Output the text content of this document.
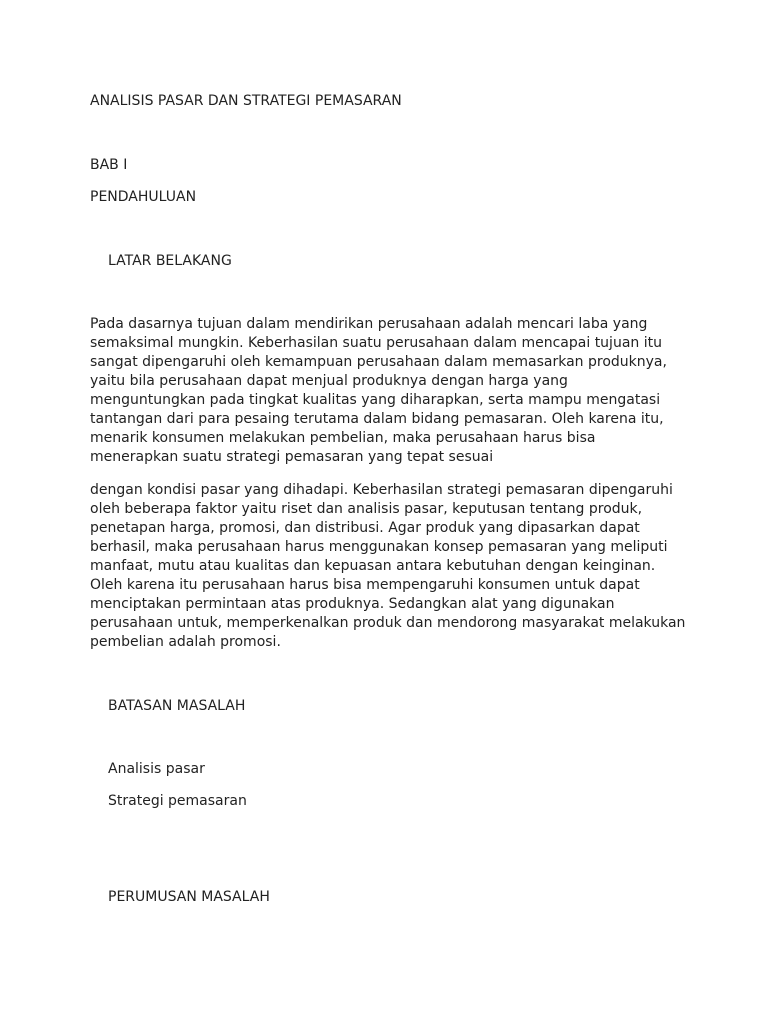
ANALISIS PASAR DAN STRATEGI PEMASARAN
BAB I
PENDAHULUAN
LATAR BELAKANG
Pada dasarnya tujuan dalam mendirikan perusahaan adalah mencari laba yang
semaksimal mungkin. Keberhasilan suatu perusahaan dalam mencapai tujuan itu
sangat dipengaruhi oleh kemampuan perusahaan dalam memasarkan produknya,
yaitu bila perusahaan dapat menjual produknya dengan harga yang
menguntungkan pada tingkat kualitas yang diharapkan, serta mampu mengatasi
tantangan dari para pesaing terutama dalam bidang pemasaran. Oleh karena itu,
menarik konsumen melakukan pembelian, maka perusahaan harus bisa
menerapkan suatu strategi pemasaran yang tepat sesuai
dengan kondisi pasar yang dihadapi. Keberhasilan strategi pemasaran dipengaruhi
oleh beberapa faktor yaitu riset dan analisis pasar, keputusan tentang produk,
penetapan harga, promosi, dan distribusi. Agar produk yang dipasarkan dapat
berhasil, maka perusahaan harus menggunakan konsep pemasaran yang meliputi
manfaat, mutu atau kualitas dan kepuasan antara kebutuhan dengan keinginan.
Oleh karena itu perusahaan harus bisa mempengaruhi konsumen untuk dapat
menciptakan permintaan atas produknya. Sedangkan alat yang digunakan
perusahaan untuk, memperkenalkan produk dan mendorong masyarakat melakukan
pembelian adalah promosi.
BATASAN MASALAH
Analisis pasar
Strategi pemasaran
PERUMUSAN MASALAH
